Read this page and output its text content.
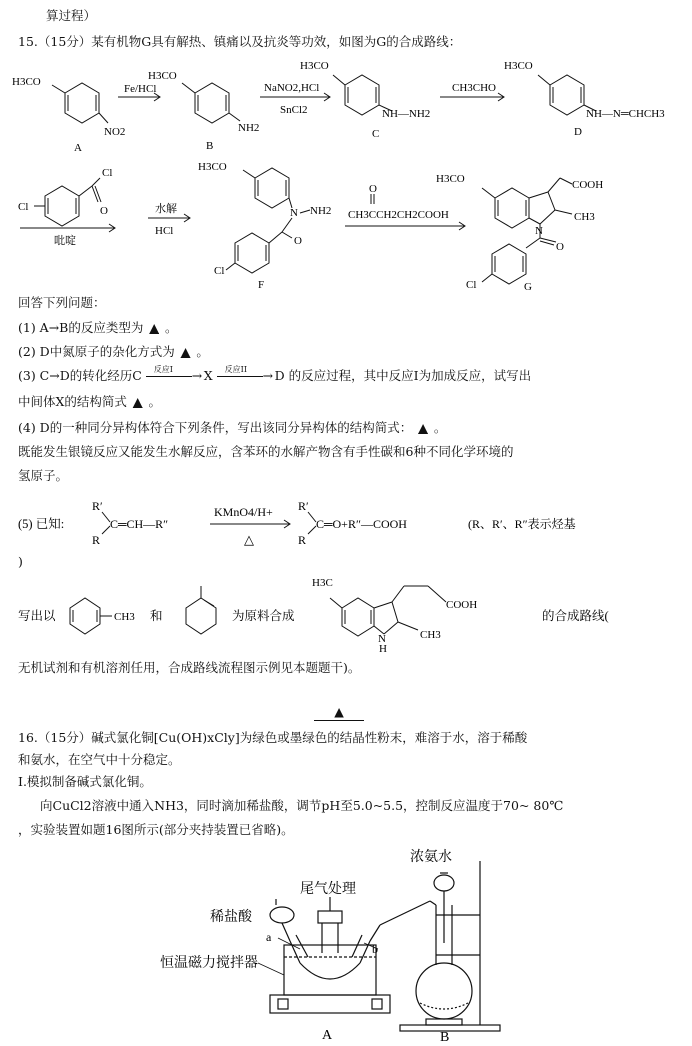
算过程）
15.（15分）某有机物G具有解热、镇痛以及抗炎等功效，如图为G的合成路线：
H3CO
NO2
A
Fe/HCl
H3CO
NH2
B
NaNO2,HCl
SnCl2
H3CO
NH—NH2
C
CH3CHO
H3CO
NH—N═CHCH3
D
Cl
Cl
O
吡啶
水解
HCl
H3CO
N NH2
O
Cl
F
O
CH3CCH2CH2COOH
H3CO	COOH
N
CH3
O
Cl	G
回答下列问题：
(1) A→B的反应类型为 ▲ 。
(2) D中氮原子的杂化方式为 ▲ 。
(3) C→D的转化经历C 反应I → X 反应II → D 的反应过程，其中反应I为加成反应，试写出
中间体X的结构简式 ▲ 。
(4) D的一种同分异构体符合下列条件，写出该同分异构体的结构简式： ▲ 。
既能发生银镜反应又能发生水解反应，含苯环的水解产物含有手性碳和6种不同化学环境的
氢原子。
(5) 已知:
R′
C═CH—R″
R
KMnO4/H+
△
R′
C═O+R″—COOH
R
(R、R′、R″表示烃基
)
写出以	CH3 和	为原料合成
H3C
COOH
N
H
CH3
的合成路线(
无机试剂和有机溶剂任用，合成路线流程图示例见本题题干)。
▲
16.（15分）碱式氯化铜[Cu(OH)xCly]为绿色或墨绿色的结晶性粉末，难溶于水，溶于稀酸
和氨水，在空气中十分稳定。
Ⅰ.模拟制备碱式氯化铜。
向CuCl2溶液中通入NH3，同时滴加稀盐酸，调节pH至5.0~5.5，控制反应温度于70~ 80℃
，实验装置如题16图所示(部分夹持装置已省略)。
浓氨水
尾气处理
稀盐酸
a
b
恒温磁力搅拌器
A	B
